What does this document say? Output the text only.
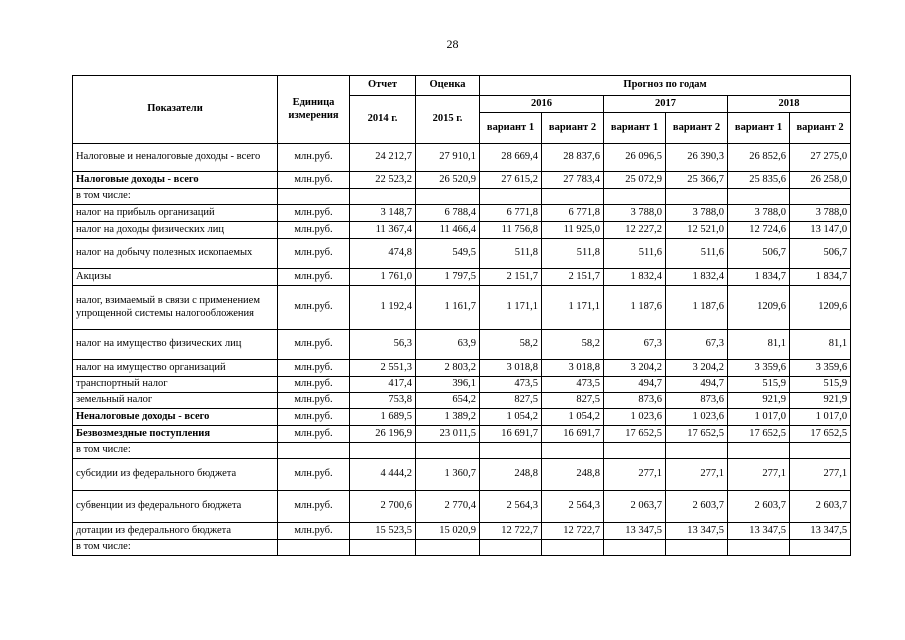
28
Показатели	Единица измерения	Отчет	Оценка	Прогноз по годам					
		2014 г.	2015 г.	2016		2017		2018	
				вариант 1	вариант 2	вариант 1	вариант 2	вариант 1	вариант 2
Налоговые и неналоговые доходы - всего	млн.руб.	24 212,7	27 910,1	28 669,4	28 837,6	26 096,5	26 390,3	26 852,6	27 275,0
Налоговые доходы - всего	млн.руб.	22 523,2	26 520,9	27 615,2	27 783,4	25 072,9	25 366,7	25 835,6	26 258,0
в том числе:									
налог на прибыль организаций	млн.руб.	3 148,7	6 788,4	6 771,8	6 771,8	3 788,0	3 788,0	3 788,0	3 788,0
налог на доходы физических лиц	млн.руб.	11 367,4	11 466,4	11 756,8	11 925,0	12 227,2	12 521,0	12 724,6	13 147,0
налог на добычу полезных ископаемых	млн.руб.	474,8	549,5	511,8	511,8	511,6	511,6	506,7	506,7
Акцизы	млн.руб.	1 761,0	1 797,5	2 151,7	2 151,7	1 832,4	1 832,4	1 834,7	1 834,7
налог, взимаемый в связи с применением упрощенной системы налогообложения	млн.руб.	1 192,4	1 161,7	1 171,1	1 171,1	1 187,6	1 187,6	1209,6	1209,6
налог на имущество физических лиц	млн.руб.	56,3	63,9	58,2	58,2	67,3	67,3	81,1	81,1
налог на имущество организаций	млн.руб.	2 551,3	2 803,2	3 018,8	3 018,8	3 204,2	3 204,2	3 359,6	3 359,6
транспортный налог	млн.руб.	417,4	396,1	473,5	473,5	494,7	494,7	515,9	515,9
земельный налог	млн.руб.	753,8	654,2	827,5	827,5	873,6	873,6	921,9	921,9
Неналоговые доходы - всего	млн.руб.	1 689,5	1 389,2	1 054,2	1 054,2	1 023,6	1 023,6	1 017,0	1 017,0
Безвозмездные поступления	млн.руб.	26 196,9	23 011,5	16 691,7	16 691,7	17 652,5	17 652,5	17 652,5	17 652,5
в том числе:									
субсидии из федерального бюджета	млн.руб.	4 444,2	1 360,7	248,8	248,8	277,1	277,1	277,1	277,1
субвенции из федерального бюджета	млн.руб.	2 700,6	2 770,4	2 564,3	2 564,3	2 063,7	2 603,7	2 603,7	2 603,7
дотации из федерального бюджета	млн.руб.	15 523,5	15 020,9	12 722,7	12 722,7	13 347,5	13 347,5	13 347,5	13 347,5
в том числе:									
